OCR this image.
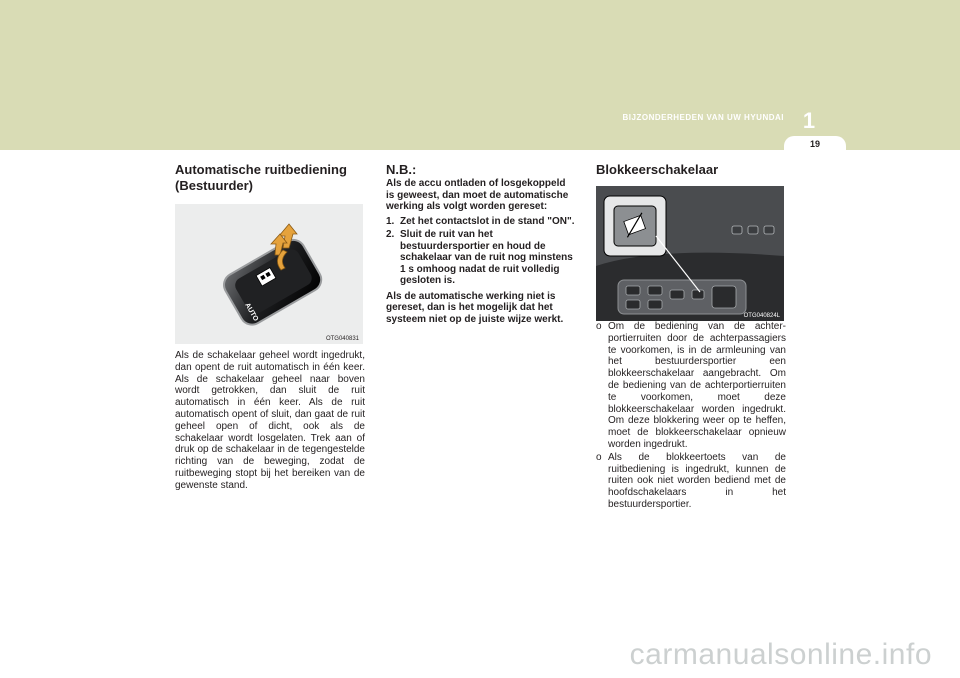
BIJZONDERHEDEN VAN UW HYUNDAI 1
19
Automatische ruitbediening (Bestuurder)
AUTO
OTG040831
Als de schakelaar geheel wordt ingedrukt, dan opent de ruit automatisch in één keer. Als de schakelaar geheel naar boven wordt getrokken, dan sluit de ruit automatisch in één keer. Als de ruit automatisch opent of sluit, dan gaat de ruit geheel open of dicht, ook als de schakelaar wordt losgelaten. Trek aan of druk op de schakelaar in de tegengestelde richting van de beweging, zodat de ruitbeweging stopt bij het bereiken van de gewenste stand.
N.B.:
Als de accu ontladen of losgekoppeld is geweest, dan moet de automatische werking als volgt worden gereset:
1. Zet het contactslot in de stand "ON".
2. Sluit de ruit van het bestuurdersportier en houd de schakelaar van de ruit nog minstens 1 s omhoog nadat de ruit volledig gesloten is.
Als de automatische werking niet is gereset, dan is het mogelijk dat het systeem niet op de juiste wijze werkt.
Blokkeerschakelaar
OTG040824L
o Om de bediening van de achter-portierruiten door de achterpassagiers te voorkomen, is in de armleuning van het bestuurdersportier een blokkeerschakelaar aangebracht. Om de bediening van de achterportierruiten te voorkomen, moet deze blokkeerschakelaar worden ingedrukt. Om deze blokkering weer op te heffen, moet de blokkeerschakelaar opnieuw worden ingedrukt.
o Als de blokkeertoets van de ruitbediening is ingedrukt, kunnen de ruiten ook niet worden bediend met de hoofdschakelaars in het bestuurdersportier.
carmanualsonline.info
